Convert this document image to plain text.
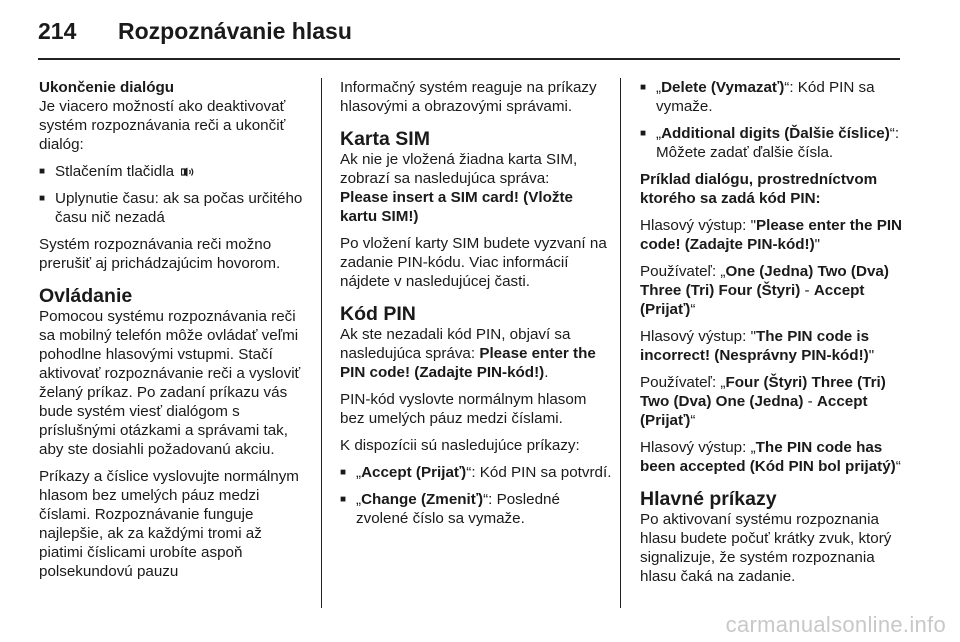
214 Rozpoznávanie hlasu
Ukončenie dialógu

Je viacero možností ako deaktivovať systém rozpoznávania reči a ukončiť dialóg:

■ Stlačením tlačidla
■ Uplynutie času: ak sa počas určitého času nič nezadá

Systém rozpoznávania reči možno prerušiť aj prichádzajúcim hovorom.

Ovládanie

Pomocou systému rozpoznávania reči sa mobilný telefón môže ovládať veľmi pohodlne hlasovými vstupmi. Stačí aktivovať rozpoznávanie reči a vysloviť želaný príkaz. Po zadaní príkazu vás bude systém viesť dialógom s príslušnými otázkami a správami tak, aby ste dosiahli požadovanú akciu.

Príkazy a číslice vyslovujte normálnym hlasom bez umelých páuz medzi číslami. Rozpoznávanie funguje najlepšie, ak za každými tromi až piatimi číslicami urobíte aspoň polsekundovú pauzu

Informačný systém reaguje na príkazy hlasovými a obrazovými správami.

Karta SIM

Ak nie je vložená žiadna karta SIM, zobrazí sa nasledujúca správa:

Please insert a SIM card! (Vložte kartu SIM!)

Po vložení karty SIM budete vyzvaní na zadanie PIN-kódu. Viac informácií nájdete v nasledujúcej časti.

Kód PIN

Ak ste nezadali kód PIN, objaví sa nasledujúca správa: Please enter the PIN code! (Zadajte PIN-kód!).

PIN-kód vyslovte normálnym hlasom bez umelých páuz medzi číslami.

K dispozícii sú nasledujúce príkazy:

■ „Accept (Prijať)“: Kód PIN sa potvrdí.
■ „Change (Zmeniť)“: Posledné zvolené číslo sa vymaže.
■ „Delete (Vymazať)“: Kód PIN sa vymaže.
■ „Additional digits (Ďalšie číslice)“: Môžete zadať ďalšie čísla.
Príklad dialógu, prostredníctvom ktorého sa zadá kód PIN:

Hlasový výstup: "Please enter the PIN code! (Zadajte PIN-kód!)"

Používateľ: „One (Jedna) Two (Dva) Three (Tri) Four (Štyri) - Accept (Prijať)“

Hlasový výstup: "The PIN code is incorrect! (Nesprávny PIN-kód!)"

Používateľ: „Four (Štyri) Three (Tri) Two (Dva) One (Jedna) - Accept (Prijať)“

Hlasový výstup: „The PIN code has been accepted (Kód PIN bol prijatý)“

Hlavné príkazy

Po aktivovaní systému rozpoznania hlasu budete počuť krátky zvuk, ktorý signalizuje, že systém rozpoznania hlasu čaká na zadanie.

carmanualsonline.info
